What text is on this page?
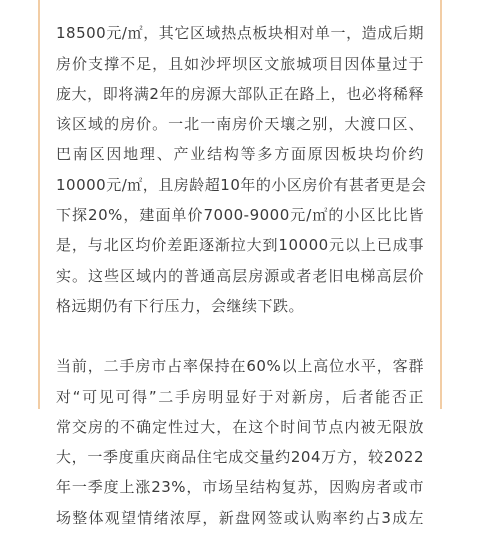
18500元/㎡，其它区域热点板块相对单一，造成后期
房价支撑不足，且如沙坪坝区文旅城项目因体量过于
庞大，即将满2年的房源大部队正在路上，也必将稀释
该区域的房价。一北一南房价天壤之别，大渡口区、
巴南区因地理、产业结构等多方面原因板块均价约
10000元/㎡，且房龄超10年的小区房价有甚者更是会
下探20%，建面单价7000-9000元/㎡的小区比比皆
是，与北区均价差距逐渐拉大到10000元以上已成事
实。这些区域内的普通高层房源或者老旧电梯高层价
格远期仍有下行压力，会继续下跌。
当前，二手房市占率保持在60%以上高位水平，客群
对“可见可得”二手房明显好于对新房，后者能否正
常交房的不确定性过大，在这个时间节点内被无限放
大，一季度重庆商品住宅成交量约204万方，较2022
年一季度上涨23%，市场呈结构复苏，因购房者或市
场整体观望情绪浓厚，新盘网签或认购率约占3成左
